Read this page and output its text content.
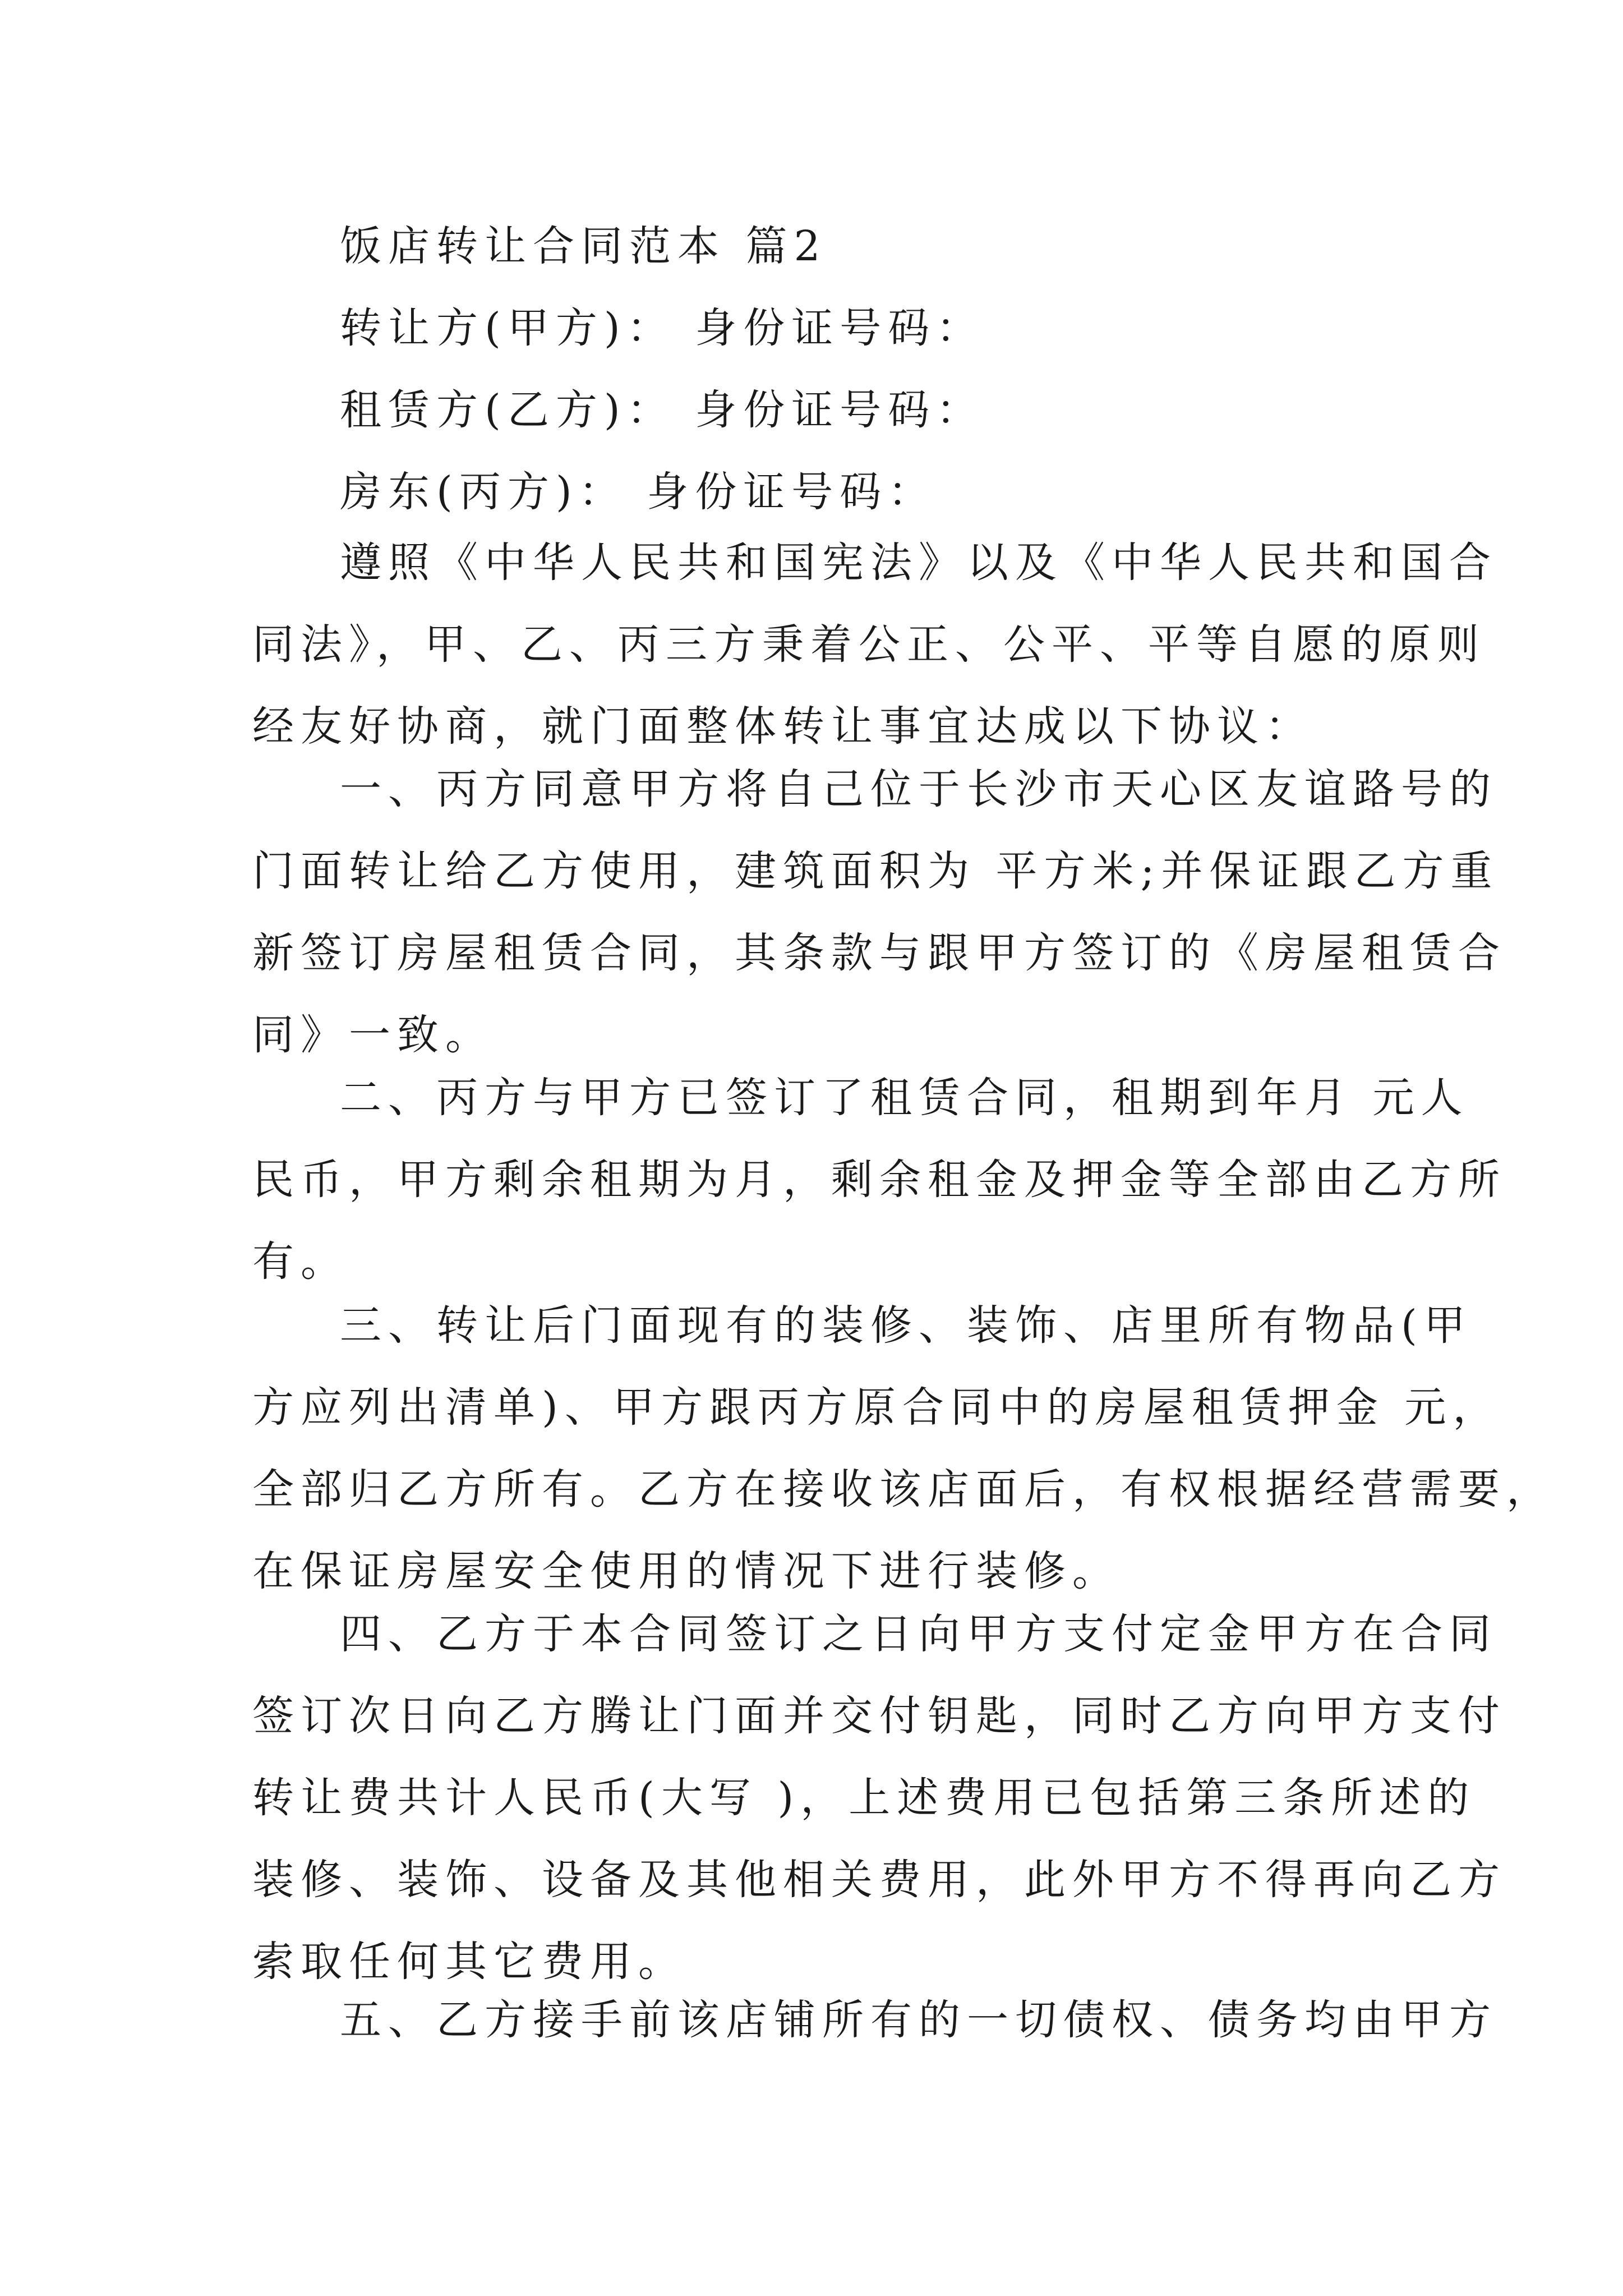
饭店转让合同范本 篇2
转让方(甲方)： 身份证号码：
租赁方(乙方)： 身份证号码：
房东(丙方)： 身份证号码：
遵照《中华人民共和国宪法》以及《中华人民共和国合
同法》，甲、乙、丙三方秉着公正、公平、平等自愿的原则
经友好协商，就门面整体转让事宜达成以下协议：
一、丙方同意甲方将自己位于长沙市天心区友谊路号的
门面转让给乙方使用，建筑面积为 平方米;并保证跟乙方重
新签订房屋租赁合同，其条款与跟甲方签订的《房屋租赁合
同》一致。
二、丙方与甲方已签订了租赁合同，租期到年月 元人
民币，甲方剩余租期为月，剩余租金及押金等全部由乙方所
有。
三、转让后门面现有的装修、装饰、店里所有物品(甲
方应列出清单)、甲方跟丙方原合同中的房屋租赁押金 元，
全部归乙方所有。乙方在接收该店面后，有权根据经营需要，
在保证房屋安全使用的情况下进行装修。
四、乙方于本合同签订之日向甲方支付定金甲方在合同
签订次日向乙方腾让门面并交付钥匙，同时乙方向甲方支付
转让费共计人民币(大写 )，上述费用已包括第三条所述的
装修、装饰、设备及其他相关费用，此外甲方不得再向乙方
索取任何其它费用。
五、乙方接手前该店铺所有的一切债权、债务均由甲方
